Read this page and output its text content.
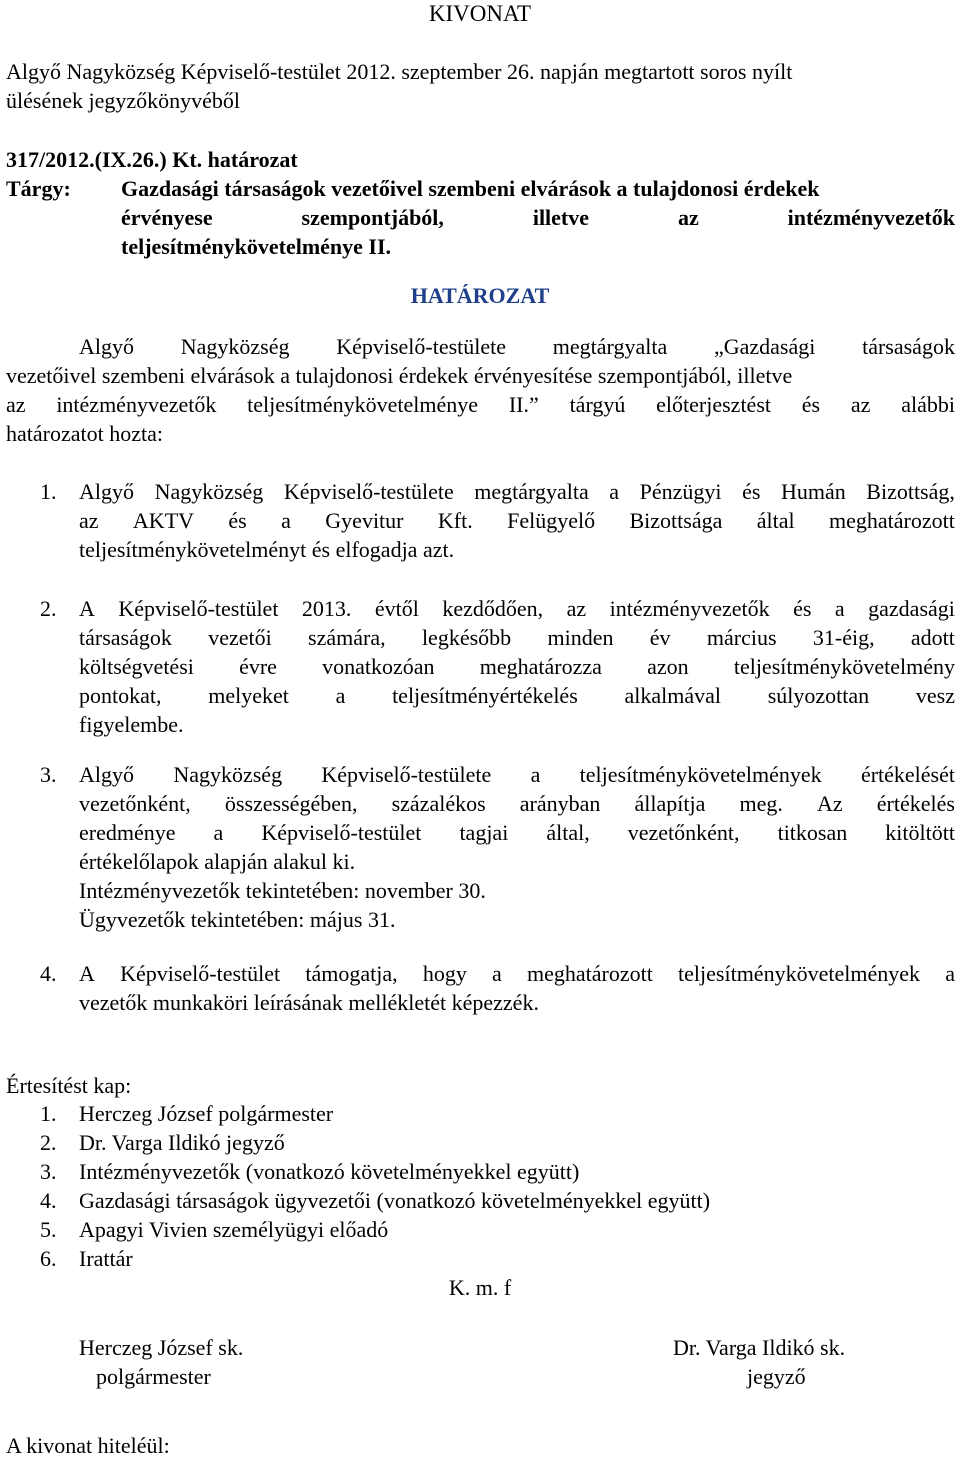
KIVONAT
Algyő Nagyközség Képviselő-testület 2012. szeptember 26. napján megtartott soros nyílt
ülésének jegyzőkönyvéből
317/2012.(IX.26.) Kt. határozat
Tárgy: Gazdasági társaságok vezetőivel szembeni elvárások a tulajdonosi érdekek
érvényese	szempontjából,	illetve	az	intézményvezetők
teljesítménykövetelménye II.
HATÁROZAT
Algyő Nagyközség Képviselő-testülete megtárgyalta „Gazdasági társaságok
vezetőivel szembeni elvárások a tulajdonosi érdekek érvényesítése szempontjából, illetve
az intézményvezetők teljesítménykövetelménye II.” tárgyú előterjesztést és az alábbi
határozatot hozta:
1. Algyő Nagyközség Képviselő-testülete megtárgyalta a Pénzügyi és Humán Bizottság,
az AKTV és a Gyevitur Kft. Felügyelő Bizottsága által meghatározott
teljesítménykövetelményt és elfogadja azt.
2. A Képviselő-testület 2013. évtől kezdődően, az intézményvezetők és a gazdasági
társaságok vezetői számára, legkésőbb minden év március 31-éig, adott
költségvetési évre vonatkozóan meghatározza azon teljesítménykövetelmény
pontokat, melyeket a teljesítményértékelés alkalmával súlyozottan vesz
figyelembe.
3. Algyő Nagyközség Képviselő-testülete a teljesítménykövetelmények értékelését
vezetőnként, összességében, százalékos arányban állapítja meg. Az értékelés
eredménye a Képviselő-testület tagjai által, vezetőnként, titkosan kitöltött
értékelőlapok alapján alakul ki.
Intézményvezetők tekintetében: november 30.
Ügyvezetők tekintetében: május 31.
4. A Képviselő-testület támogatja, hogy a meghatározott teljesítménykövetelmények a
vezetők munkaköri leírásának mellékletét képezzék.
Értesítést kap:
1. Herczeg József polgármester
2. Dr. Varga Ildikó jegyző
3. Intézményvezetők (vonatkozó követelményekkel együtt)
4. Gazdasági társaságok ügyvezetői (vonatkozó követelményekkel együtt)
5. Apagyi Vivien személyügyi előadó
6. Irattár
K. m. f
Herczeg József sk.
polgármester
Dr. Varga Ildikó sk.
jegyző
A kivonat hiteléül:
